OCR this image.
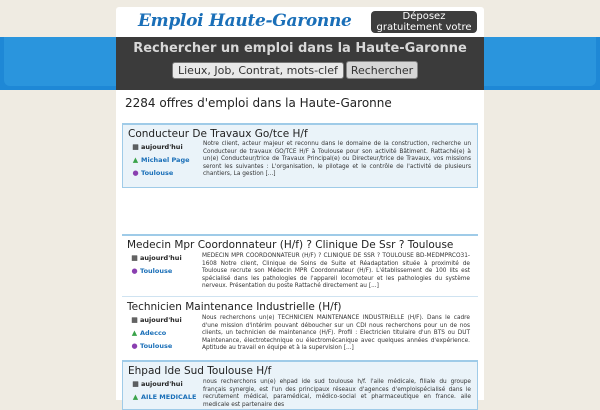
Emploi Haute-Garonne	Déposez gratuitement votre
Rechercher un emploi dans la Haute-Garonne
Lieux, Job, Contrat, mots-clefs, ...
Rechercher
2284 offres d'emploi dans la Haute-Garonne
Conducteur De Travaux Go/tce H/f
▦ aujourd'hui
▲ Michael Page
● Toulouse
Notre client, acteur majeur et reconnu dans le domaine de la construction, recherche un Conducteur de travaux GO/TCE H/F à Toulouse pour son activité Bâtiment. Rattaché(e) à un(e) Conducteur/trice de Travaux Principal(e) ou Directeur/trice de Travaux, vos missions seront les suivantes : L'organisation, le pilotage et le contrôle de l'activité de plusieurs chantiers, La gestion [...]
Medecin Mpr Coordonnateur (H/f) ? Clinique De Ssr ? Toulouse
▦ aujourd'hui
● Toulouse
MEDECIN MPR COORDONNATEUR (H/F) ? CLINIQUE DE SSR ? TOULOUSE BD-MEDMPRCO31-1608 Notre client, Clinique de Soins de Suite et Réadaptation située à proximité de Toulouse recrute son Médecin MPR Coordonnateur (H/F). L'établissement de 100 lits est spécialisé dans les pathologies de l'appareil locomoteur et les pathologies du système nerveux. Présentation du poste Rattaché directement au [...]
Technicien Maintenance Industrielle (H/f)
▦ aujourd'hui
▲ Adecco
● Toulouse
Nous recherchons un(e) TECHNICIEN MAINTENANCE INDUSTRIELLE (H/F). Dans le cadre d'une mission d'intérim pouvant déboucher sur un CDI nous recherchons pour un de nos clients, un technicien de maintenance (H/F). Profil : Electricien titulaire d'un BTS ou DUT Maintenance, électrotechnique ou électromécanique avec quelques années d'expérience. Aptitude au travail en équipe et à la supervision [...]
Ehpad Ide Sud Toulouse H/f
▦ aujourd'hui
▲ AILE MEDICALE
nous recherchons un(e) ehpad ide sud toulouse h/f. l'aile médicale, filiale du groupe français synergie, est l'un des principaux réseaux d'agences d'emploispécialisé dans le recrutement médical, paramédical, médico-social et pharmaceutique en france. aile medicale est partenaire des
